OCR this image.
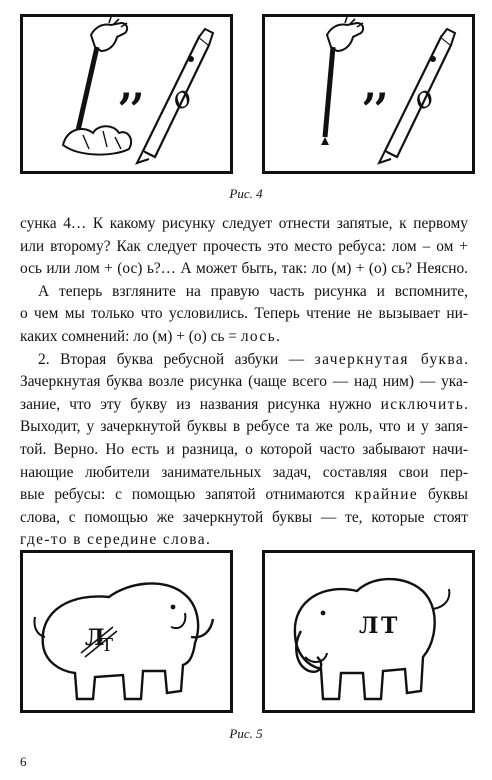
,
, о	,
, о
Рис. 4
сунка 4… К какому рисунку следует отнести запятые, к первому
или второму? Как следует прочесть это место ребуса: лом – ом +
ось или лом + (ос) ь?… А может быть, так: ло (м) + (о) сь? Неясно.
А теперь взгляните на правую часть рисунка и вспомните,
о чем мы только что условились. Теперь чтение не вызывает ни-
каких сомнений: ло (м) + (о) сь = лось.
2. Вторая буква ребусной азбуки — зачеркнутая буква.
Зачеркнутая буква возле рисунка (чаще всего — над ним) — ука-
зание, что эту букву из названия рисунка нужно исключить.
Выходит, у зачеркнутой буквы в ребусе та же роль, что и у запя-
той. Верно. Но есть и разница, о которой часто забывают начи-
нающие любители занимательных задач, составляя свои пер-
вые ребусы: с помощью запятой отнимаются крайние буквы
слова, с помощью же зачеркнутой буквы — те, которые стоят
где-то в середине слова.
Л
Т
Л Т
Рис. 5
6
